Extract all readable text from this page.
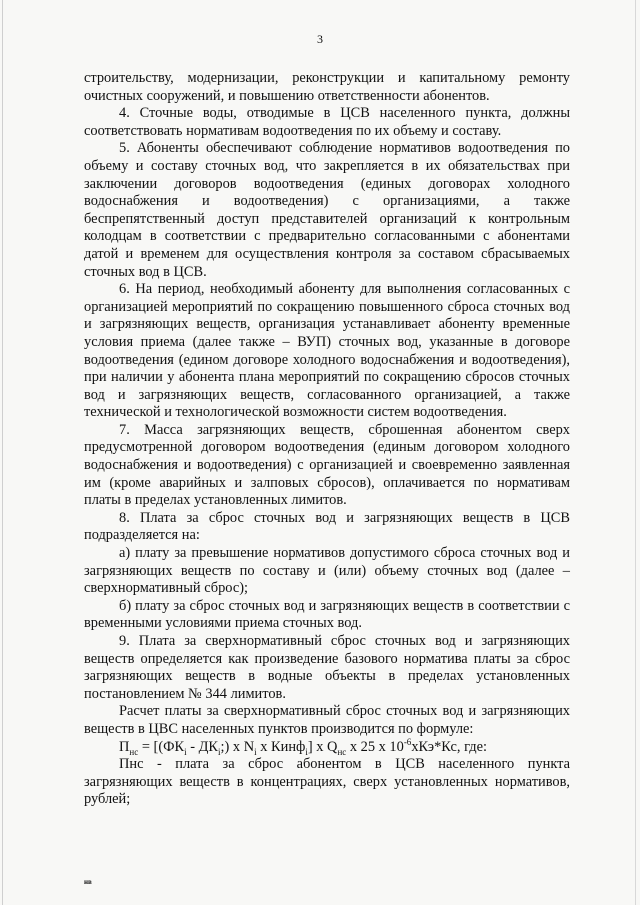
3

строительству, модернизации, реконструкции и капитальному ремонту очистных сооружений, и повышению ответственности абонентов.

4. Сточные воды, отводимые в ЦСВ населенного пункта, должны соответствовать нормативам водоотведения по их объему и составу.

5. Абоненты обеспечивают соблюдение нормативов водоотведения по объему и составу сточных вод, что закрепляется в их обязательствах при заключении договоров водоотведения (единых договорах холодного водоснабжения и водоотведения) с организациями, а также беспрепятственный доступ представителей организаций к контрольным колодцам в соответствии с предварительно согласованными с абонентами датой и временем для осуществления контроля за составом сбрасываемых сточных вод в ЦСВ.

6. На период, необходимый абоненту для выполнения согласованных с организацией мероприятий по сокращению повышенного сброса сточных вод и загрязняющих веществ, организация устанавливает абоненту временные условия приема (далее также – ВУП) сточных вод, указанные в договоре водоотведения (едином договоре холодного водоснабжения и водоотведения), при наличии у абонента плана мероприятий по сокращению сбросов сточных вод и загрязняющих веществ, согласованного организацией, а также технической и технологической возможности систем водоотведения.

7. Масса загрязняющих веществ, сброшенная абонентом сверх предусмотренной договором водоотведения (единым договором холодного водоснабжения и водоотведения) с организацией и своевременно заявленная им (кроме аварийных и залповых сбросов), оплачивается по нормативам платы в пределах установленных лимитов.

8. Плата за сброс сточных вод и загрязняющих веществ в ЦСВ подразделяется на:

а) плату за превышение нормативов допустимого сброса сточных вод и загрязняющих веществ по составу и (или) объему сточных вод (далее – сверхнормативный сброс);

б) плату за сброс сточных вод и загрязняющих веществ в соответствии с временными условиями приема сточных вод.

9. Плата за сверхнормативный сброс сточных вод и загрязняющих веществ определяется как произведение базового норматива платы за сброс загрязняющих веществ в водные объекты в пределах установленных постановлением № 344 лимитов.

Расчет платы за сверхнормативный сброс сточных вод и загрязняющих веществ в ЦВС населенных пунктов производится по формуле:

$П_{нс} = [(ФК_i$ - $ДК_i$;) x $N_i$ x Кинф$_i$] x $Q_{нс}$ x 25 x $10^{-6}xКэ*Кс$, где:

Пнс - плата за сброс абонентом в ЦСВ населенного пункта загрязняющих веществ в концентрациях, сверх установленных нормативов, рублей;

нв
